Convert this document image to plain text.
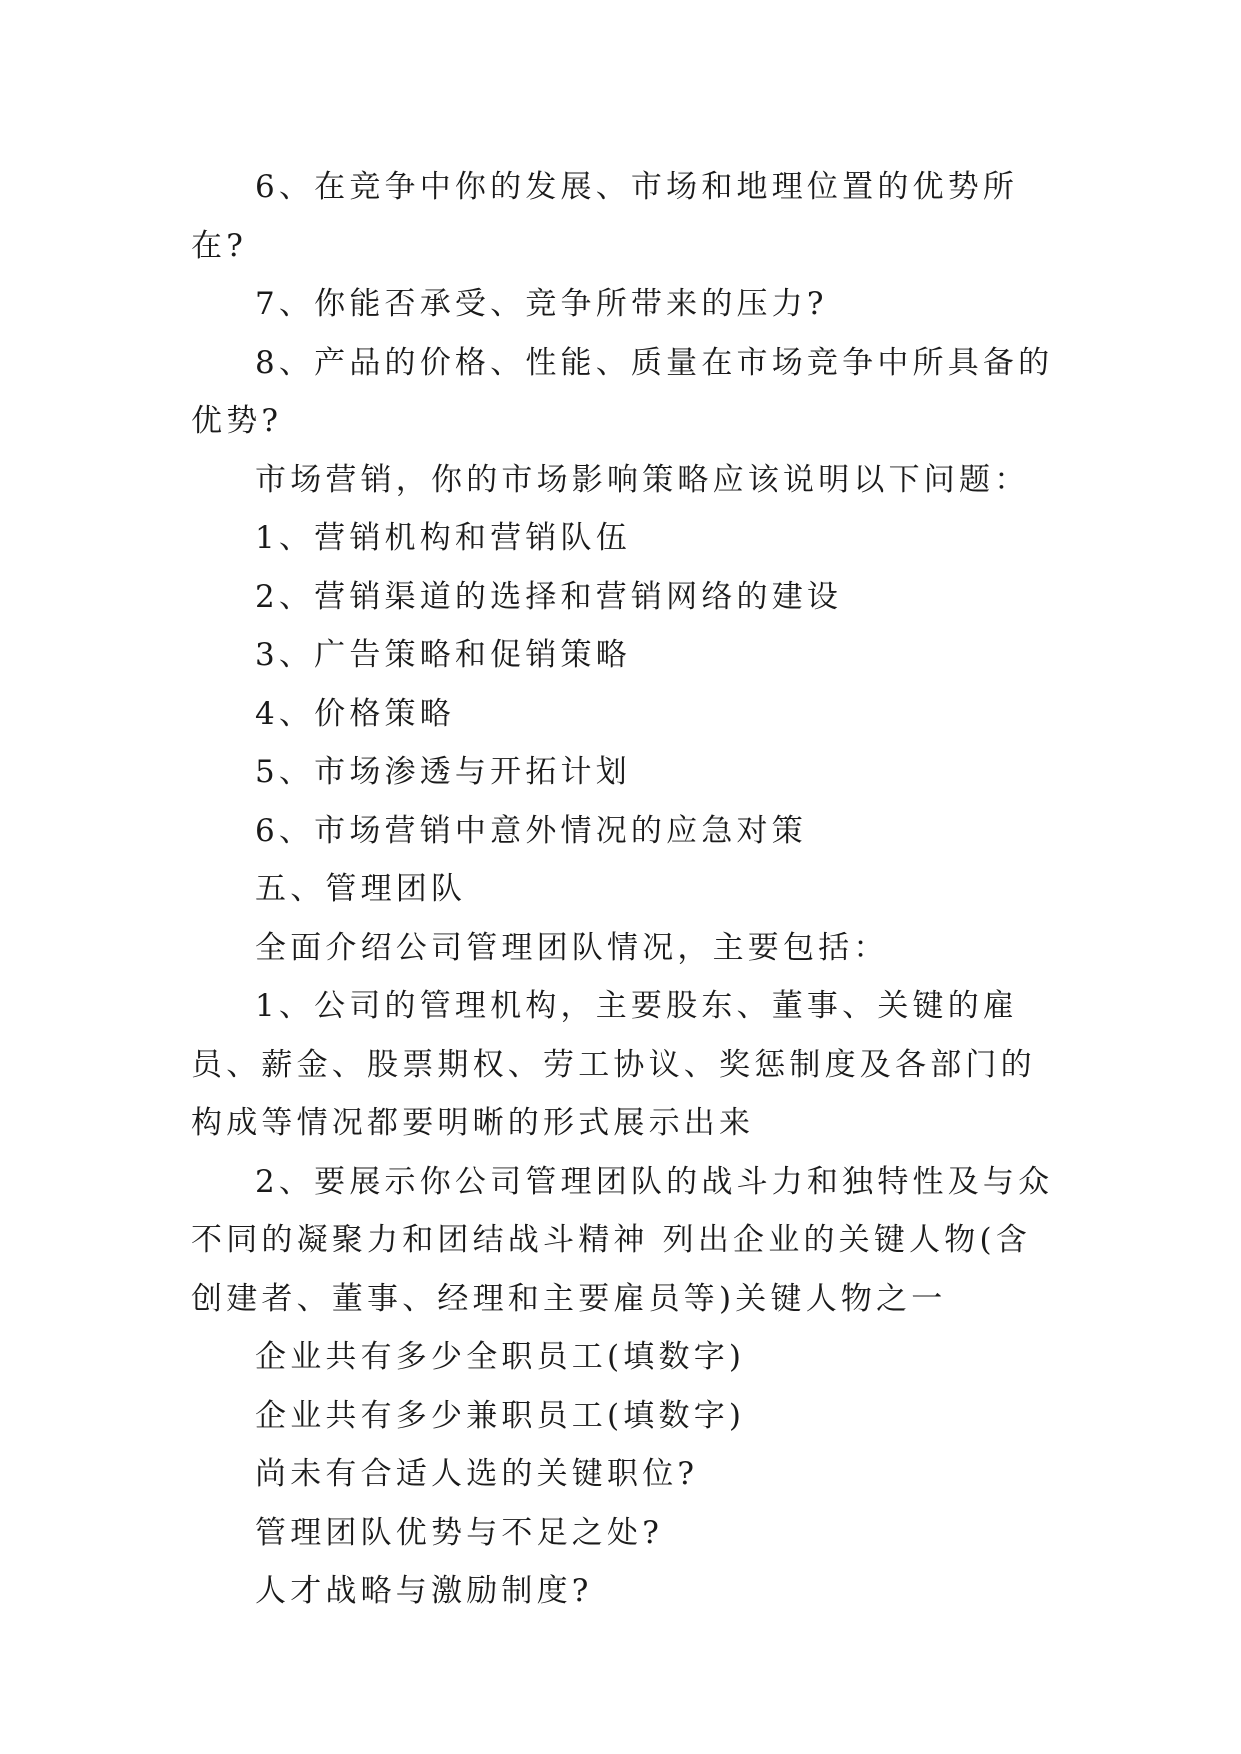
6、在竞争中你的发展、市场和地理位置的优势所在?

7、你能否承受、竞争所带来的压力?

8、产品的价格、性能、质量在市场竞争中所具备的优势?

市场营销，你的市场影响策略应该说明以下问题：

1、营销机构和营销队伍

2、营销渠道的选择和营销网络的建设

3、广告策略和促销策略

4、价格策略

5、市场渗透与开拓计划

6、市场营销中意外情况的应急对策

五、管理团队

全面介绍公司管理团队情况，主要包括：

1、公司的管理机构，主要股东、董事、关键的雇员、薪金、股票期权、劳工协议、奖惩制度及各部门的构成等情况都要明晰的形式展示出来

2、要展示你公司管理团队的战斗力和独特性及与众不同的凝聚力和团结战斗精神 列出企业的关键人物(含创建者、董事、经理和主要雇员等)关键人物之一

企业共有多少全职员工(填数字)

企业共有多少兼职员工(填数字)

尚未有合适人选的关键职位?

管理团队优势与不足之处?

人才战略与激励制度?
